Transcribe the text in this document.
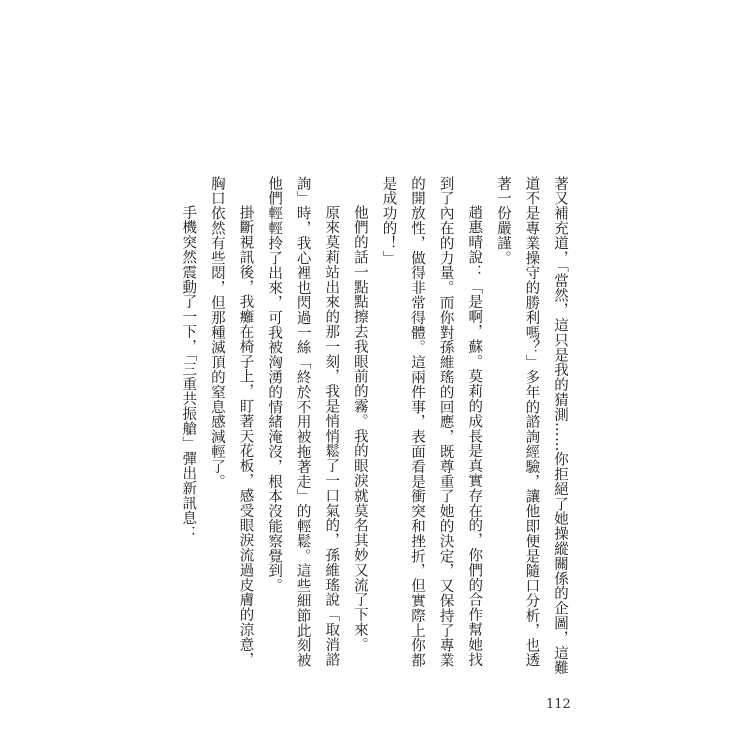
著又補充道，「當然，這只是我的猜測……你拒絕了她操縱關係的企圖，這難道不是專業操守的勝利嗎？」多年的諮詢經驗，讓他即便是隨口分析，也透著一份嚴謹。

趙惠晴說：「是啊，蘇。莫莉的成長是真實存在的，你們的合作幫她找到了內在的力量。而你對孫維瑤的回應，既尊重了她的決定，又保持了專業的開放性，做得非常得體。這兩件事，表面看是衝突和挫折，但實際上你都是成功的！」

他們的話一點點擦去我眼前的霧。我的眼淚就莫名其妙又流了下來。

原來莫莉站出來的那一刻，我是悄悄鬆了一口氣的，孫維瑤說「取消諮詢」時，我心裡也閃過一絲「終於不用被拖著走」的輕鬆。這些細節此刻被他們輕輕拎了出來，可我被洶湧的情緒淹沒，根本沒能察覺到。

掛斷視訊後，我癱在椅子上，盯著天花板，感受眼淚流過皮膚的涼意，胸口依然有些悶，但那種滅頂的窒息感減輕了。

手機突然震動了一下，「三重共振艙」彈出新訊息：

112
